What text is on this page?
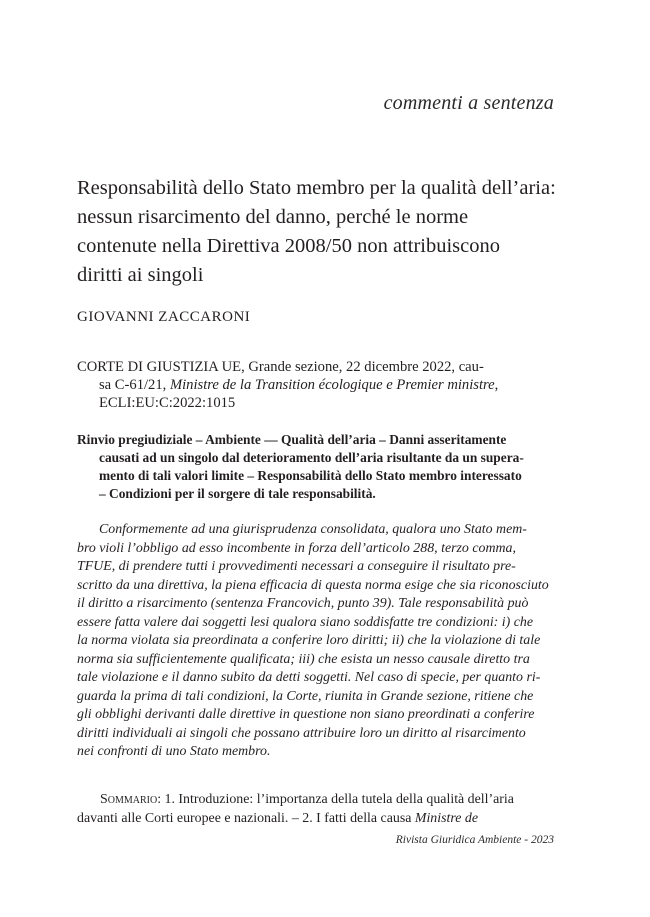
commenti a sentenza
Responsabilità dello Stato membro per la qualità dell’aria:
nessun risarcimento del danno, perché le norme
contenute nella Direttiva 2008/50 non attribuiscono
diritti ai singoli
GIOVANNI ZACCARONI
CORTE DI GIUSTIZIA UE, Grande sezione, 22 dicembre 2022, cau-
sa C-61/21, Ministre de la Transition écologique e Premier ministre,
ECLI:EU:C:2022:1015
Rinvio pregiudiziale – Ambiente — Qualità dell’aria – Danni asseritamente
causati ad un singolo dal deterioramento dell’aria risultante da un supera-
mento di tali valori limite – Responsabilità dello Stato membro interessato
– Condizioni per il sorgere di tale responsabilità.
Conformemente ad una giurisprudenza consolidata, qualora uno Stato mem-
bro violi l’obbligo ad esso incombente in forza dell’articolo 288, terzo comma,
TFUE, di prendere tutti i provvedimenti necessari a conseguire il risultato pre-
scritto da una direttiva, la piena efficacia di questa norma esige che sia riconosciuto
il diritto a risarcimento (sentenza Francovich, punto 39). Tale responsabilità può
essere fatta valere dai soggetti lesi qualora siano soddisfatte tre condizioni: i) che
la norma violata sia preordinata a conferire loro diritti; ii) che la violazione di tale
norma sia sufficientemente qualificata; iii) che esista un nesso causale diretto tra
tale violazione e il danno subito da detti soggetti. Nel caso di specie, per quanto ri-
guarda la prima di tali condizioni, la Corte, riunita in Grande sezione, ritiene che
gli obblighi derivanti dalle direttive in questione non siano preordinati a conferire
diritti individuali ai singoli che possano attribuire loro un diritto al risarcimento
nei confronti di uno Stato membro.
Sommario: 1. Introduzione: l’importanza della tutela della qualità dell’aria
davanti alle Corti europee e nazionali. – 2. I fatti della causa Ministre de
Rivista Giuridica Ambiente - 2023
